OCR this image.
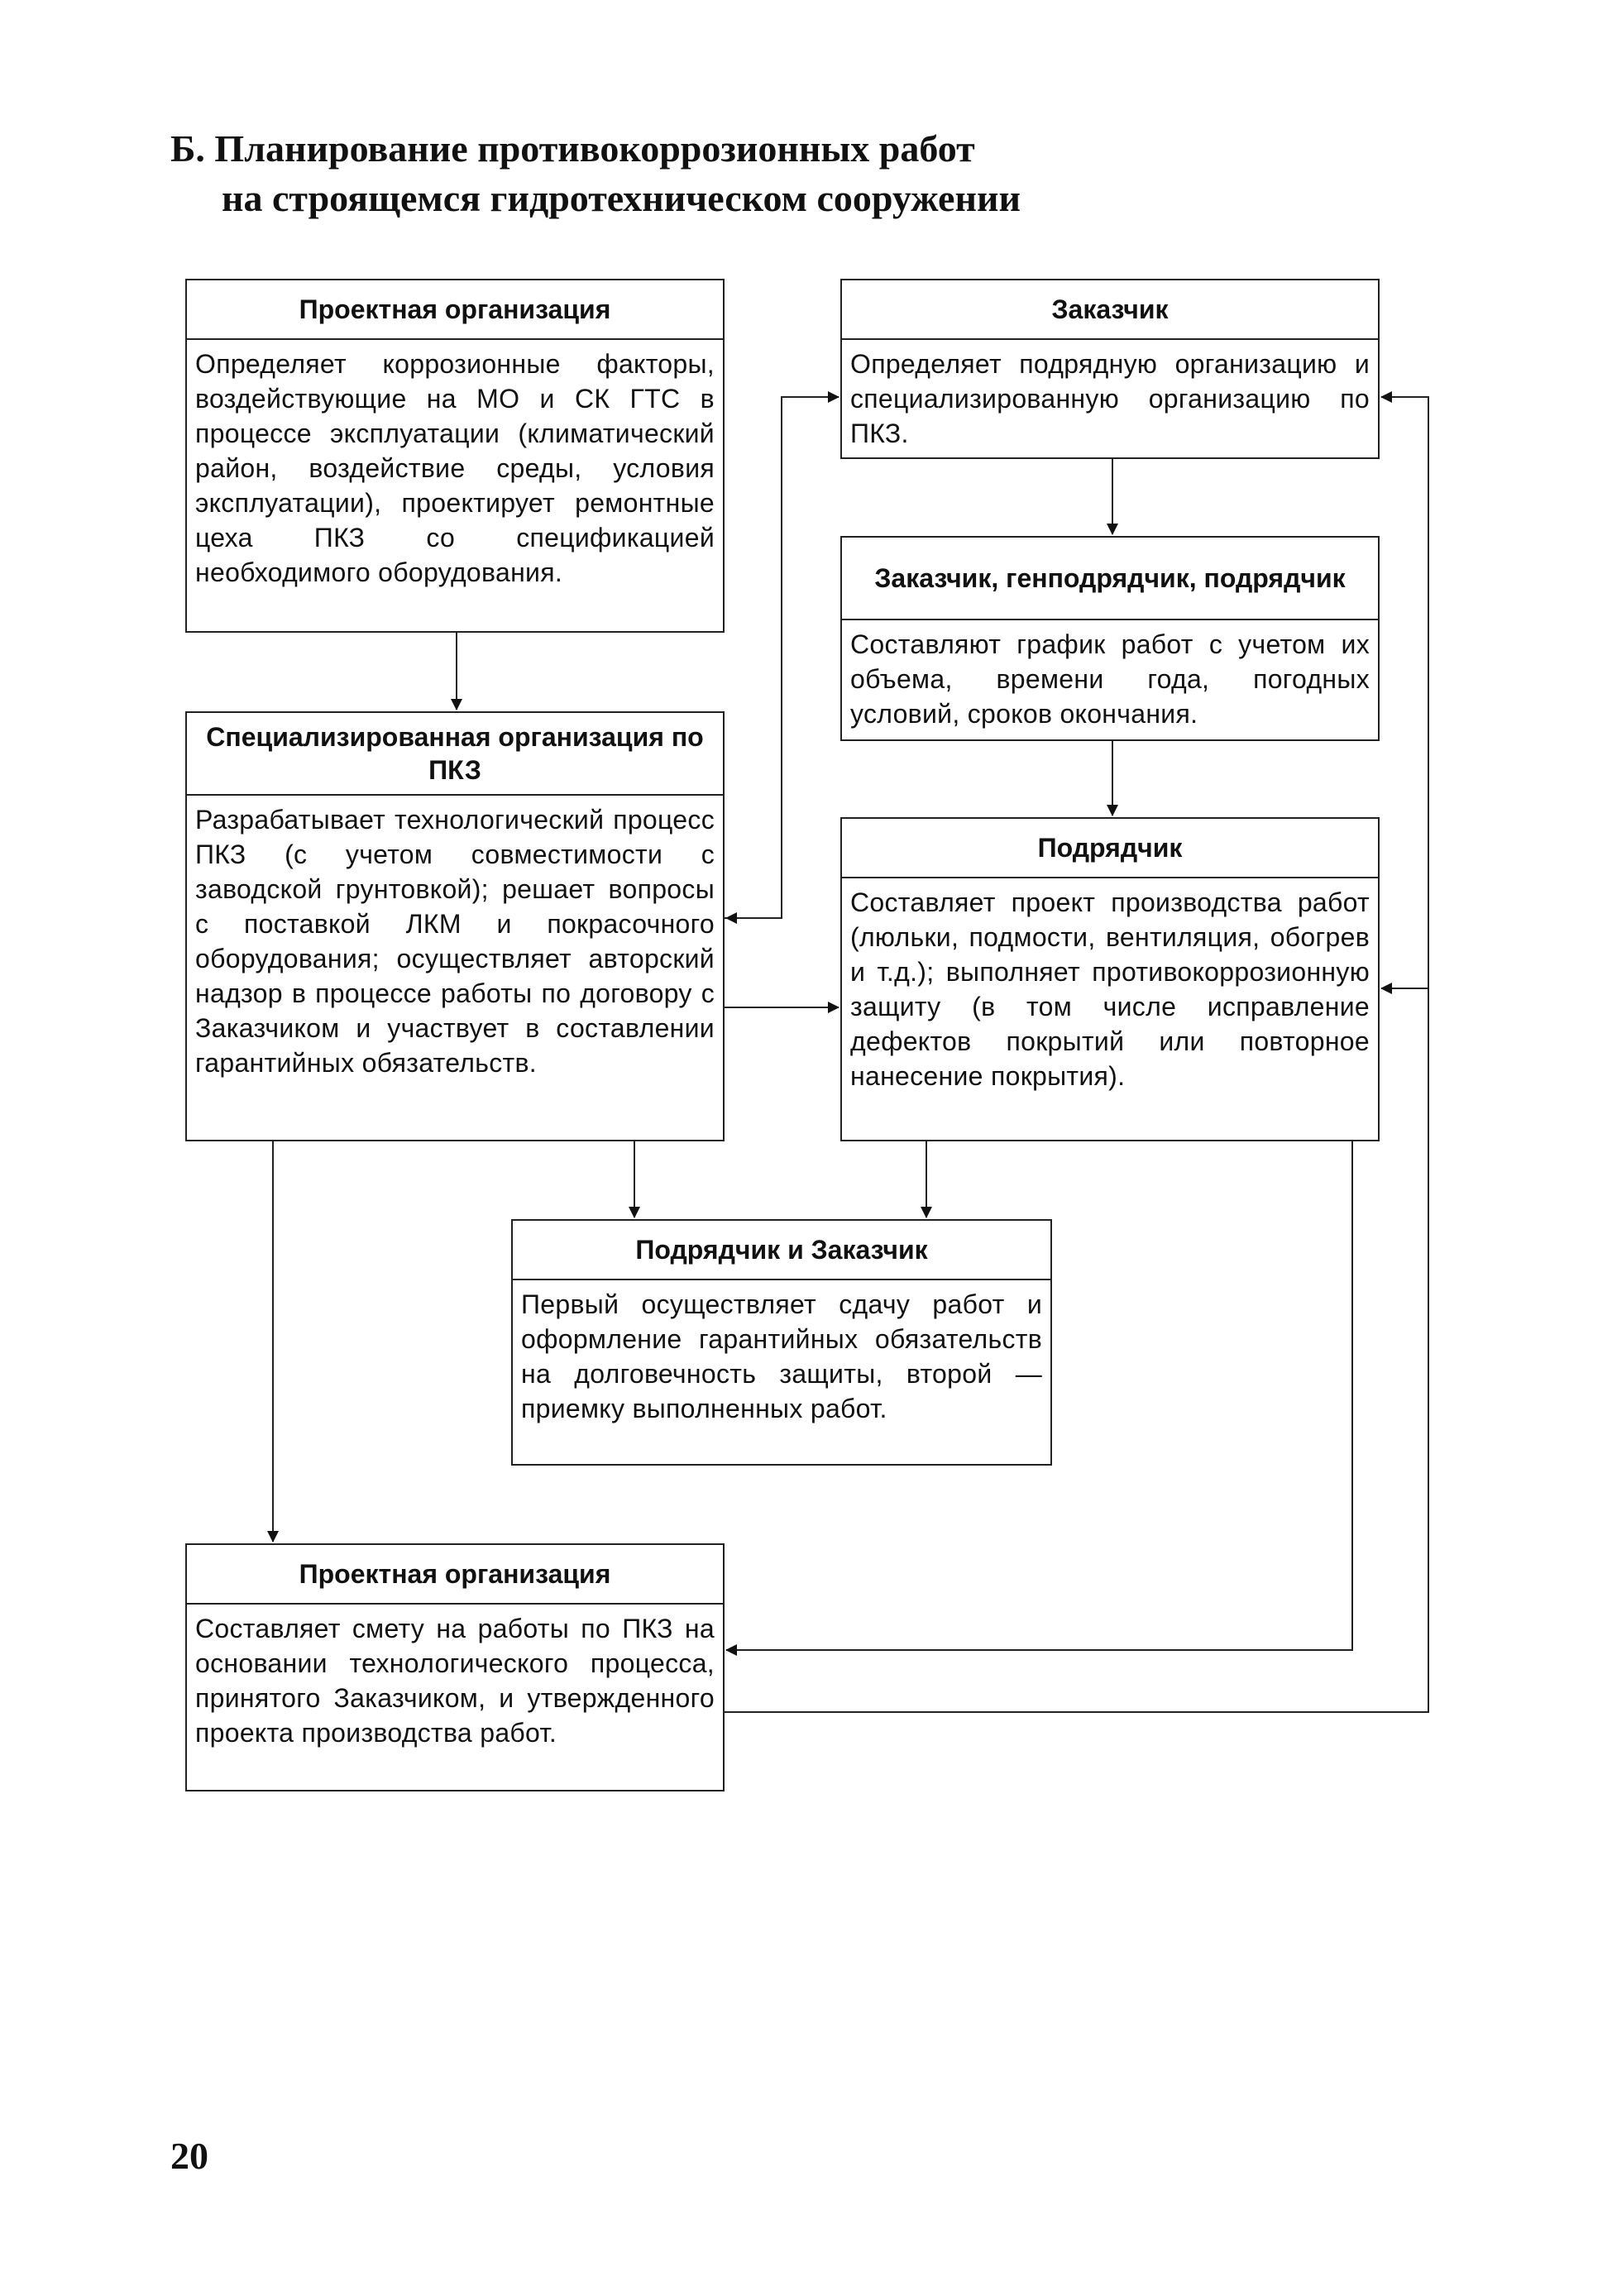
Б. Планирование противокоррозионных работ
на строящемся гидротехническом сооружении
Проектная организация
Определяет коррозионные факторы, воздействующие на МО и СК ГТС в процессе эксплуатации (климатический район, воздействие среды, условия эксплуатации), проектирует ремонтные цеха ПКЗ со спецификацией необходимого оборудования.
Заказчик
Определяет подрядную организацию и специализированную организацию по ПКЗ.
Заказчик, генподрядчик, подрядчик
Составляют график работ с учетом их объема, времени года, погодных условий, сроков окончания.
Специализированная организация по ПКЗ
Разрабатывает технологический процесс ПКЗ (с учетом совместимости с заводской грунтовкой); решает вопросы с поставкой ЛКМ и покрасочного оборудования; осуществляет авторский надзор в процессе работы по договору с Заказчиком и участвует в составлении гарантийных обязательств.
Подрядчик
Составляет проект производства работ (люльки, подмости, вентиляция, обогрев и т.д.); выполняет противокоррозионную защиту (в том числе исправление дефектов покрытий или повторное нанесение покрытия).
Подрядчик и Заказчик
Первый осуществляет сдачу работ и оформление гарантийных обязательств на долговечность защиты, второй — приемку выполненных работ.
Проектная организация
Составляет смету на работы по ПКЗ на основании технологического процесса, принятого Заказчиком, и утвержденного проекта производства работ.
20
